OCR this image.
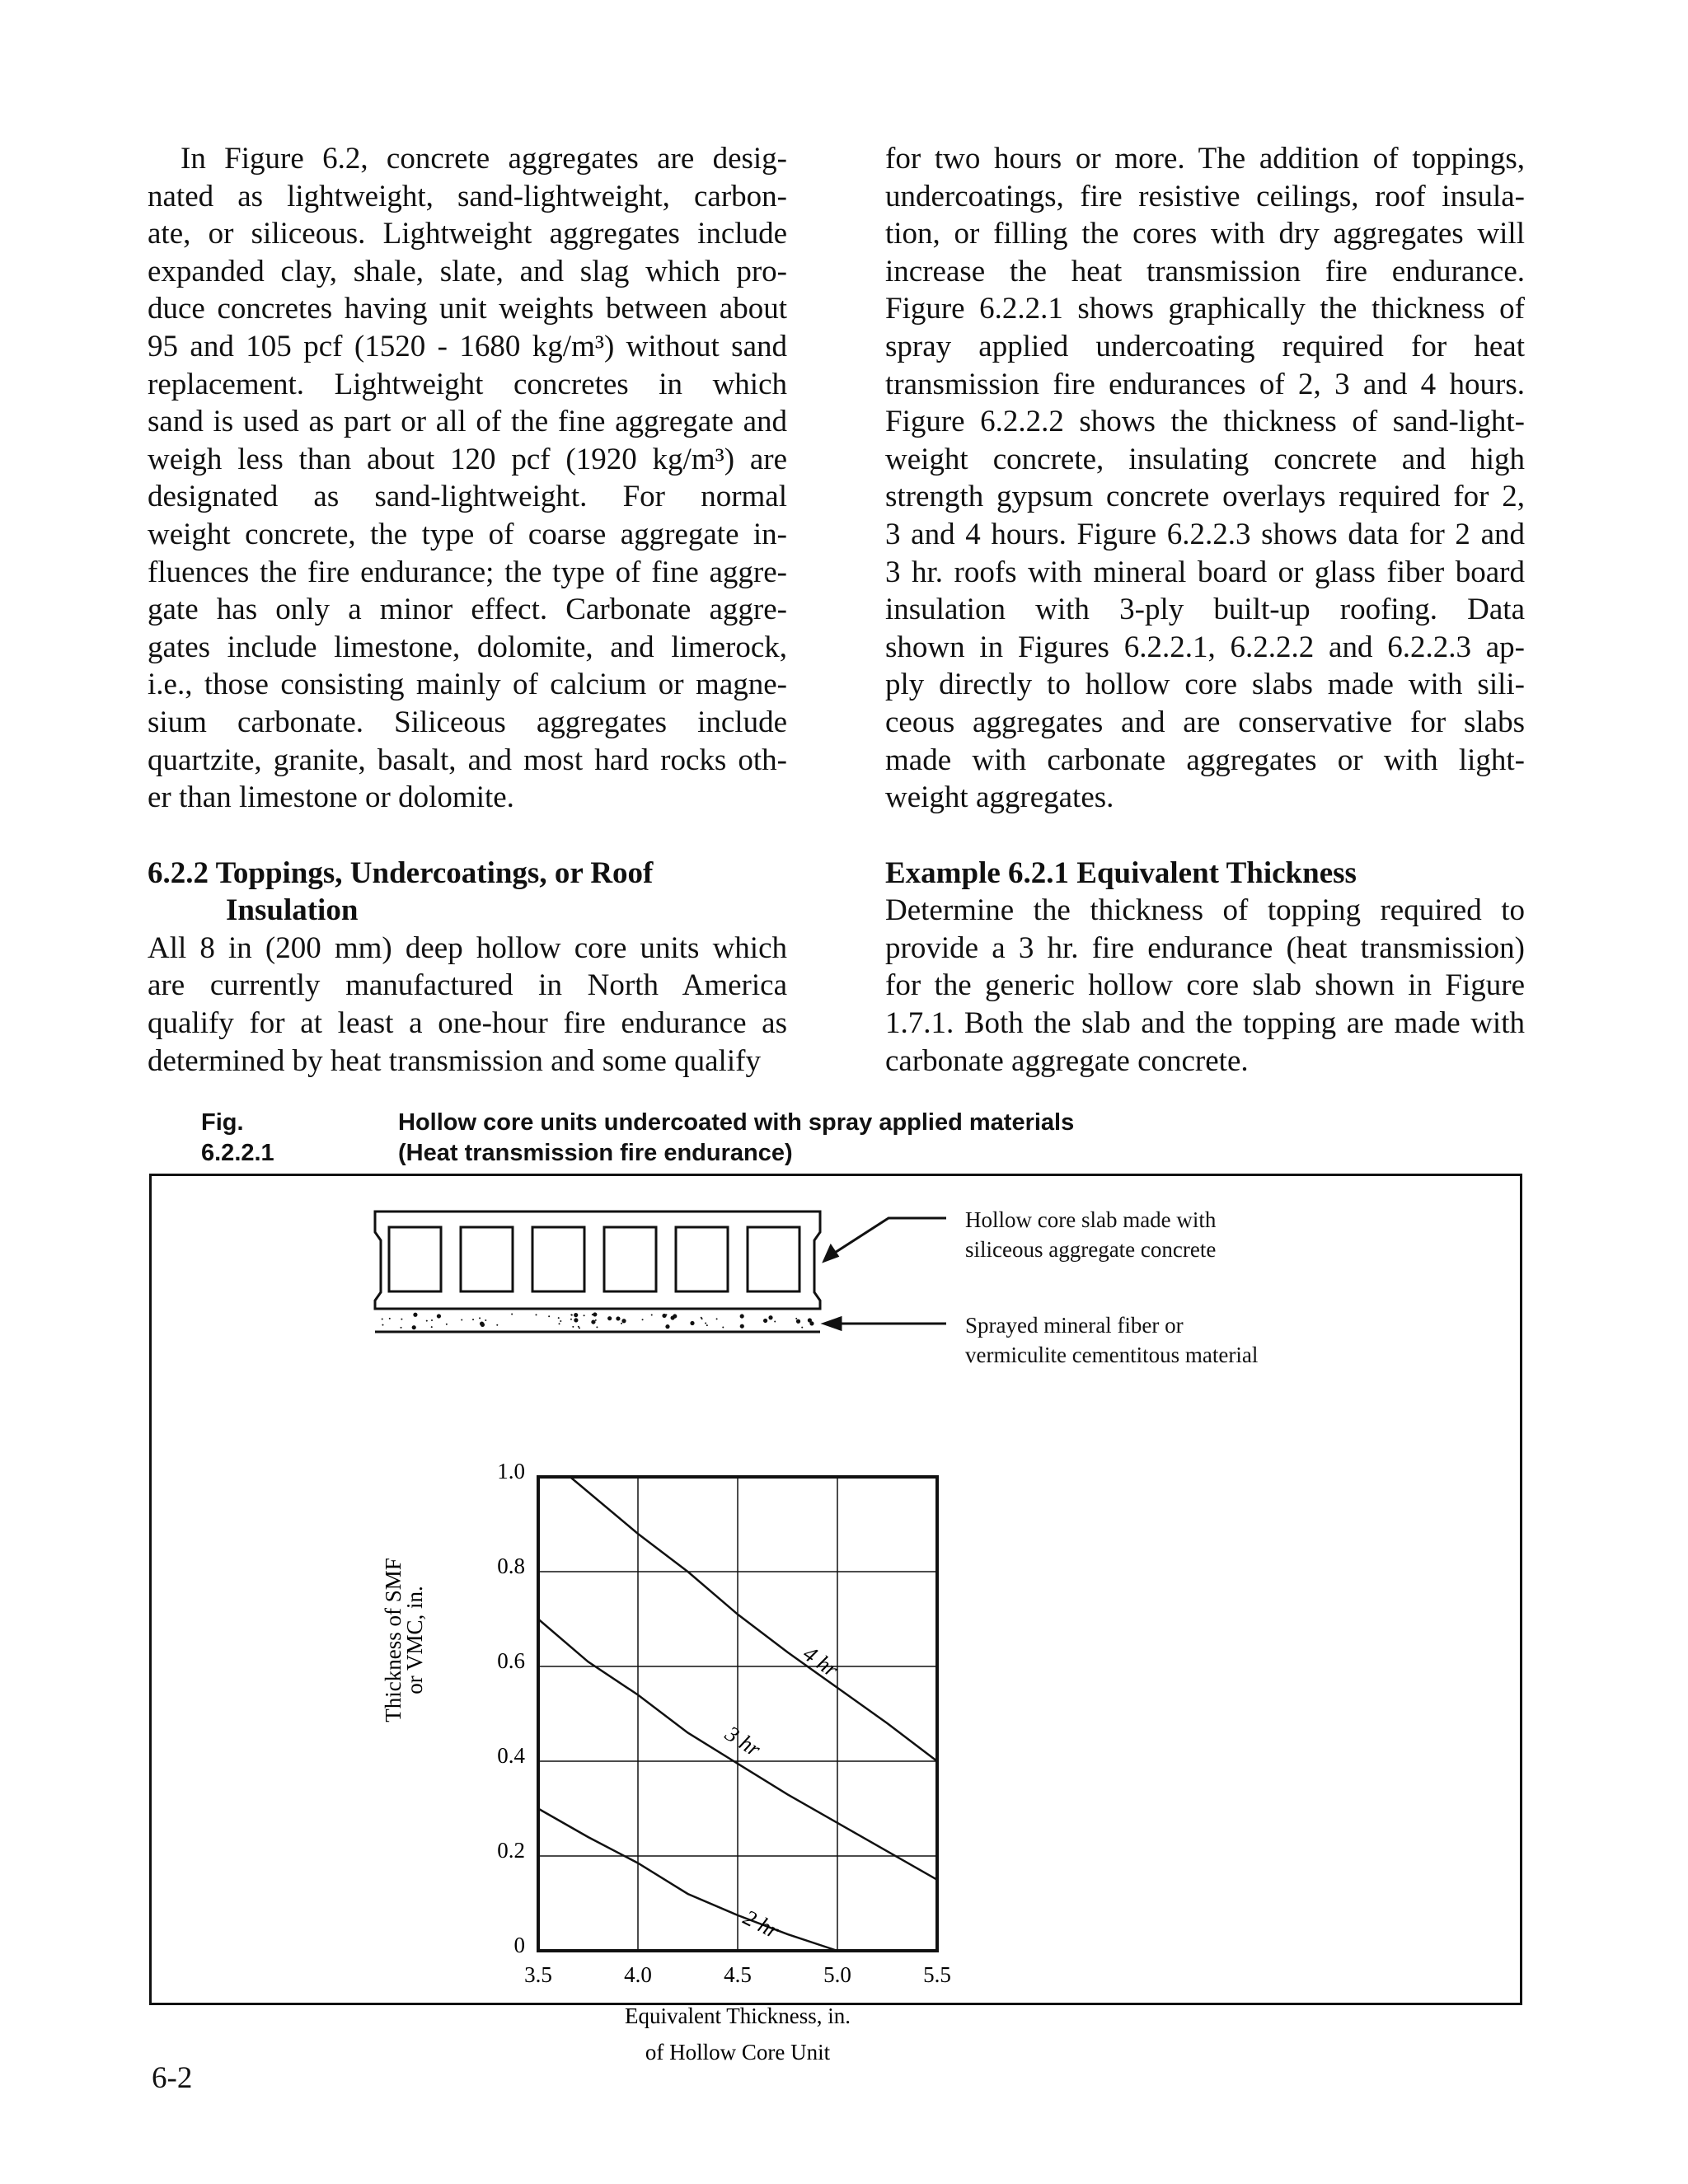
In Figure 6.2, concrete aggregates are desig-
nated as lightweight, sand-lightweight, carbon-
ate, or siliceous. Lightweight aggregates include
expanded clay, shale, slate, and slag which pro-
duce concretes having unit weights between about
95 and 105 pcf (1520 - 1680 kg/m³) without sand
replacement. Lightweight concretes in which
sand is used as part or all of the fine aggregate and
weigh less than about 120 pcf (1920 kg/m³) are
designated as sand-lightweight. For normal
weight concrete, the type of coarse aggregate in-
fluences the fire endurance; the type of fine aggre-
gate has only a minor effect. Carbonate aggre-
gates include limestone, dolomite, and limerock,
i.e., those consisting mainly of calcium or magne-
sium carbonate. Siliceous aggregates include
quartzite, granite, basalt, and most hard rocks oth-
er than limestone or dolomite.
6.2.2 Toppings, Undercoatings, or Roof
Insulation
All 8 in (200 mm) deep hollow core units which
are currently manufactured in North America
qualify for at least a one-hour fire endurance as
determined by heat transmission and some qualify
for two hours or more. The addition of toppings,
undercoatings, fire resistive ceilings, roof insula-
tion, or filling the cores with dry aggregates will
increase the heat transmission fire endurance.
Figure 6.2.2.1 shows graphically the thickness of
spray applied undercoating required for heat
transmission fire endurances of 2, 3 and 4 hours.
Figure 6.2.2.2 shows the thickness of sand-light-
weight concrete, insulating concrete and high
strength gypsum concrete overlays required for 2,
3 and 4 hours. Figure 6.2.2.3 shows data for 2 and
3 hr. roofs with mineral board or glass fiber board
insulation with 3-ply built-up roofing. Data
shown in Figures 6.2.2.1, 6.2.2.2 and 6.2.2.3 ap-
ply directly to hollow core slabs made with sili-
ceous aggregates and are conservative for slabs
made with carbonate aggregates or with light-
weight aggregates.
Example 6.2.1 Equivalent Thickness
Determine the thickness of topping required to
provide a 3 hr. fire endurance (heat transmission)
for the generic hollow core slab shown in Figure
1.7.1. Both the slab and the topping are made with
carbonate aggregate concrete.
Fig. 6.2.2.1
Hollow core units undercoated with spray applied materials
(Heat transmission fire endurance)
Hollow core slab made with
siliceous aggregate concrete
Sprayed mineral fiber or
vermiculite cementitous material
3.5	4.0	4.5	5.0	5.5
0
0.2
0.4
0.6
0.8
1.0
4 hr
3 hr
2 hr
Equivalent Thickness, in.
of Hollow Core Unit
Thickness of SMF
or VMC, in.
6-2
